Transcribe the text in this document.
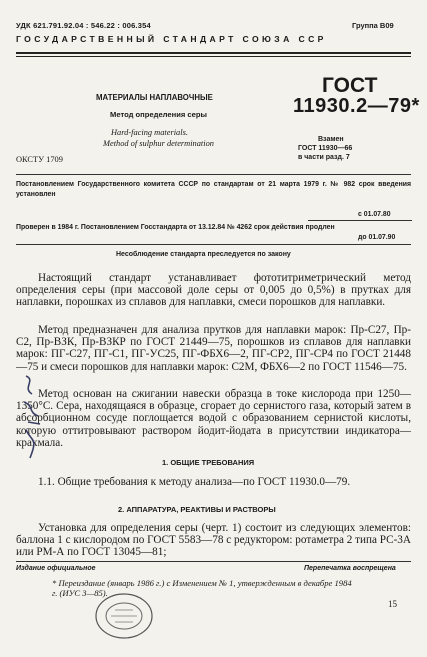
УДК 621.791.92.04 : 546.22 : 006.354	Группа В09
ГОСУДАРСТВЕННЫЙ СТАНДАРТ СОЮЗА ССР
МАТЕРИАЛЫ НАПЛАВОЧНЫЕ
Метод определения серы
Hard-facing materials.
Method of sulphur determination
ГОСТ
11930.2—79*
Взамен
ГОСТ 11930—66
в части разд. 7
ОКСТУ 1709
Постановлением Государственного комитета СССР по стандартам от 21 марта 1979 г. № 982 срок введения установлен
с 01.07.80
Проверен в 1984 г. Постановлением Госстандарта от 13.12.84 № 4262 срок действия продлен
до 01.07.90
Несоблюдение стандарта преследуется по закону
Настоящий стандарт устанавливает фототитриметрический метод определения серы (при массовой доле серы от 0,005 до 0,5%) в прутках для наплавки, порошках из сплавов для наплавки, смеси порошков для наплавки.
Метод предназначен для анализа прутков для наплавки марок: Пр-С27, Пр-С2, Пр-ВЗК, Пр-ВЗКР по ГОСТ 21449—75, порошков из сплавов для наплавки марок: ПГ-С27, ПГ-С1, ПГ-УС25, ПГ-ФБХ6—2, ПГ-СР2, ПГ-СР4 по ГОСТ 21448—75 и смеси порошков для наплавки марок: С2М, ФБХ6—2 по ГОСТ 11546—75.
Метод основан на сжигании навески образца в токе кислорода при 1250—1350°С. Сера, находящаяся в образце, сгорает до сернистого газа, который затем в абсорбционном сосуде поглощается водой с образованием сернистой кислоты, которую оттитровывают раствором йодит-йодата в присутствии индикатора—крахмала.
1. ОБЩИЕ ТРЕБОВАНИЯ
1.1. Общие требования к методу анализа—по ГОСТ 11930.0—79.
2. АППАРАТУРА, РЕАКТИВЫ И РАСТВОРЫ
Установка для определения серы (черт. 1) состоит из следующих элементов: баллона 1 с кислородом по ГОСТ 5583—78 с редуктором: ротаметра 2 типа РС-3А или РМ-А по ГОСТ 13045—81;
Издание официальное	Перепечатка воспрещена
* Переиздание (январь 1986 г.) с Изменением № 1, утвержденным в декабре 1984 г. (ИУС 3—85).
15
